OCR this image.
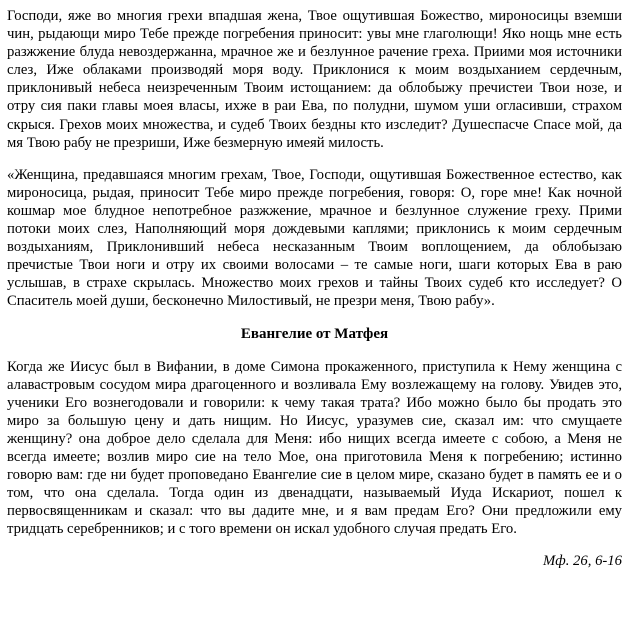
Господи, яже во многия грехи впадшая жена, Твое ощутившая Божество, мироносицы вземши чин, рыдающи миро Тебе прежде погребения приносит: увы мне глаголющи! Яко нощь мне есть разжжение блуда невоздержанна, мрачное же и безлунное рачение греха. Приими моя источники слез, Иже облаками производяй моря воду. Приклонися к моим воздыханием сердечным, приклонивый небеса неизреченным Твоим истощанием: да облобыжу пречистеи Твои нозе, и отру сия паки главы моея власы, ихже в раи Ева, по полудни, шумом уши огласивши, страхом скрыся. Грехов моих множества, и судеб Твоих бездны кто изследит? Душеспасче Спасе мой, да мя Твою рабу не презриши, Иже безмерную имеяй милость.

«Женщина, предавшаяся многим грехам, Твое, Господи, ощутившая Божественное естество, как мироносица, рыдая, приносит Тебе миро прежде погребения, говоря: О, горе мне! Как ночной кошмар мое блудное непотребное разжжение, мрачное и безлунное служение греху. Прими потоки моих слез, Наполняющий моря дождевыми каплями; приклонись к моим сердечным воздыханиям, Приклонивший небеса несказанным Твоим воплощением, да облобызаю пречистые Твои ноги и отру их своими волосами – те самые ноги, шаги которых Ева в раю услышав, в страхе скрылась. Множество моих грехов и тайны Твоих судеб кто исследует? О Спаситель моей души, бесконечно Милостивый, не презри меня, Твою рабу».

Евангелие от Матфея

Когда же Иисус был в Вифании, в доме Симона прокаженного, приступила к Нему женщина с алавастровым сосудом мира драгоценного и возливала Ему возлежащему на голову. Увидев это, ученики Его вознегодовали и говорили: к чему такая трата? Ибо можно было бы продать это миро за большую цену и дать нищим. Но Иисус, уразумев сие, сказал им: что смущаете женщину? она доброе дело сделала для Меня: ибо нищих всегда имеете с собою, а Меня не всегда имеете; возлив миро сие на тело Мое, она приготовила Меня к погребению; истинно говорю вам: где ни будет проповедано Евангелие сие в целом мире, сказано будет в память ее и о том, что она сделала. Тогда один из двенадцати, называемый Иуда Искариот, пошел к первосвященникам и сказал: что вы дадите мне, и я вам предам Его? Они предложили ему тридцать серебренников; и с того времени он искал удобного случая предать Его.

Мф. 26, 6-16
